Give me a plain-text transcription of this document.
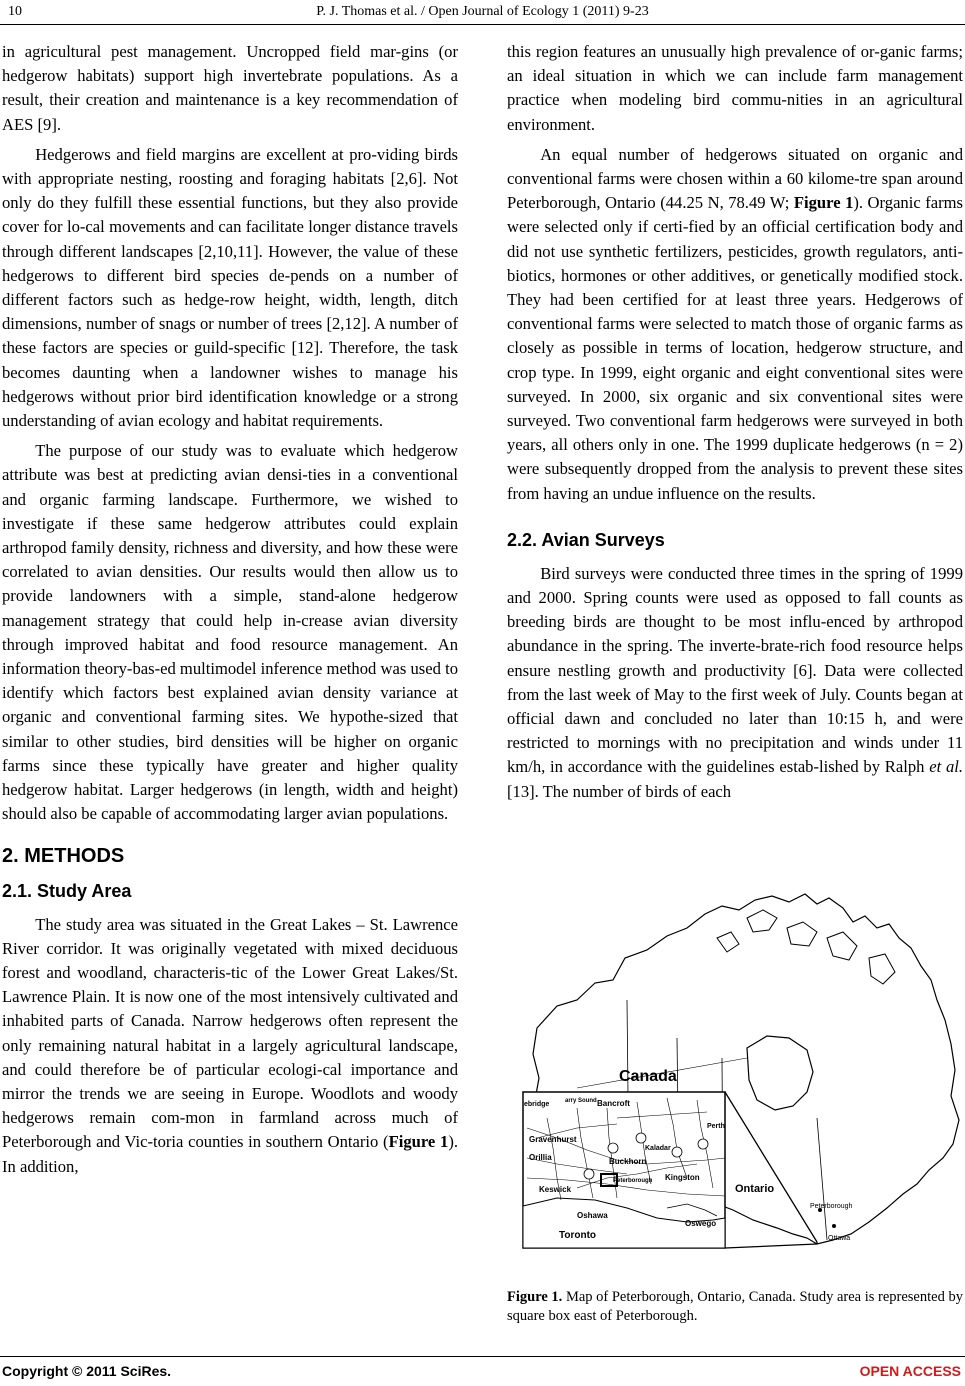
10	P. J. Thomas et al. / Open Journal of Ecology 1 (2011) 9-23

in agricultural pest management. Uncropped field mar-gins (or hedgerow habitats) support high invertebrate populations. As a result, their creation and maintenance is a key recommendation of AES [9].

Hedgerows and field margins are excellent at pro-viding birds with appropriate nesting, roosting and foraging habitats [2,6]. Not only do they fulfill these essential functions, but they also provide cover for lo-cal movements and can facilitate longer distance travels through different landscapes [2,10,11]. However, the value of these hedgerows to different bird species de-pends on a number of different factors such as hedge-row height, width, length, ditch dimensions, number of snags or number of trees [2,12]. A number of these factors are species or guild-specific [12]. Therefore, the task becomes daunting when a landowner wishes to manage his hedgerows without prior bird identification knowledge or a strong understanding of avian ecology and habitat requirements.

The purpose of our study was to evaluate which hedgerow attribute was best at predicting avian densi-ties in a conventional and organic farming landscape. Furthermore, we wished to investigate if these same hedgerow attributes could explain arthropod family density, richness and diversity, and how these were correlated to avian densities. Our results would then allow us to provide landowners with a simple, stand-alone hedgerow management strategy that could help in-crease avian diversity through improved habitat and food resource management. An information theory-bas-ed multimodel inference method was used to identify which factors best explained avian density variance at organic and conventional farming sites. We hypothe-sized that similar to other studies, bird densities will be higher on organic farms since these typically have greater and higher quality hedgerow habitat. Larger hedgerows (in length, width and height) should also be capable of accommodating larger avian populations.

2. METHODS
2.1. Study Area

The study area was situated in the Great Lakes – St. Lawrence River corridor. It was originally vegetated with mixed deciduous forest and woodland, characteris-tic of the Lower Great Lakes/St. Lawrence Plain. It is now one of the most intensively cultivated and inhabited parts of Canada. Narrow hedgerows often represent the only remaining natural habitat in a largely agricultural landscape, and could therefore be of particular ecologi-cal importance and mirror the trends we are seeing in Europe. Woodlots and woody hedgerows remain com-mon in farmland across much of Peterborough and Vic-toria counties in southern Ontario (Figure 1). In addition,

this region features an unusually high prevalence of or-ganic farms; an ideal situation in which we can include farm management practice when modeling bird commu-nities in an agricultural environment.

An equal number of hedgerows situated on organic and conventional farms were chosen within a 60 kilome-tre span around Peterborough, Ontario (44.25 N, 78.49 W; Figure 1). Organic farms were selected only if certi-fied by an official certification body and did not use synthetic fertilizers, pesticides, growth regulators, anti-biotics, hormones or other additives, or genetically modified stock. They had been certified for at least three years. Hedgerows of conventional farms were selected to match those of organic farms as closely as possible in terms of location, hedgerow structure, and crop type. In 1999, eight organic and eight conventional sites were surveyed. In 2000, six organic and six conventional sites were surveyed. Two conventional farm hedgerows were surveyed in both years, all others only in one. The 1999 duplicate hedgerows (n = 2) were subsequently dropped from the analysis to prevent these sites from having an undue influence on the results.

2.2. Avian Surveys

Bird surveys were conducted three times in the spring of 1999 and 2000. Spring counts were used as opposed to fall counts as breeding birds are thought to be most influ-enced by arthropod abundance in the spring. The inverte-brate-rich food resource helps ensure nestling growth and productivity [6]. Data were collected from the last week of May to the first week of July. Counts began at official dawn and concluded no later than 10:15 h, and were restricted to mornings with no precipitation and winds under 11 km/h, in accordance with the guidelines estab-lished by Ralph et al. [13]. The number of birds of each

Canada
Ontario
Peterborough
Ottawa
Bancroft
Gravenhurst
Orillia	Buckhorn
Kingston
Peterborough
Keswick
Oshawa
Toronto
Oswego
Kaladar
ebridge	arry Sound
Perth
Figure 1. Map of Peterborough, Ontario, Canada. Study area is represented by square box east of Peterborough.
Copyright © 2011 SciRes.	OPEN ACCESS
